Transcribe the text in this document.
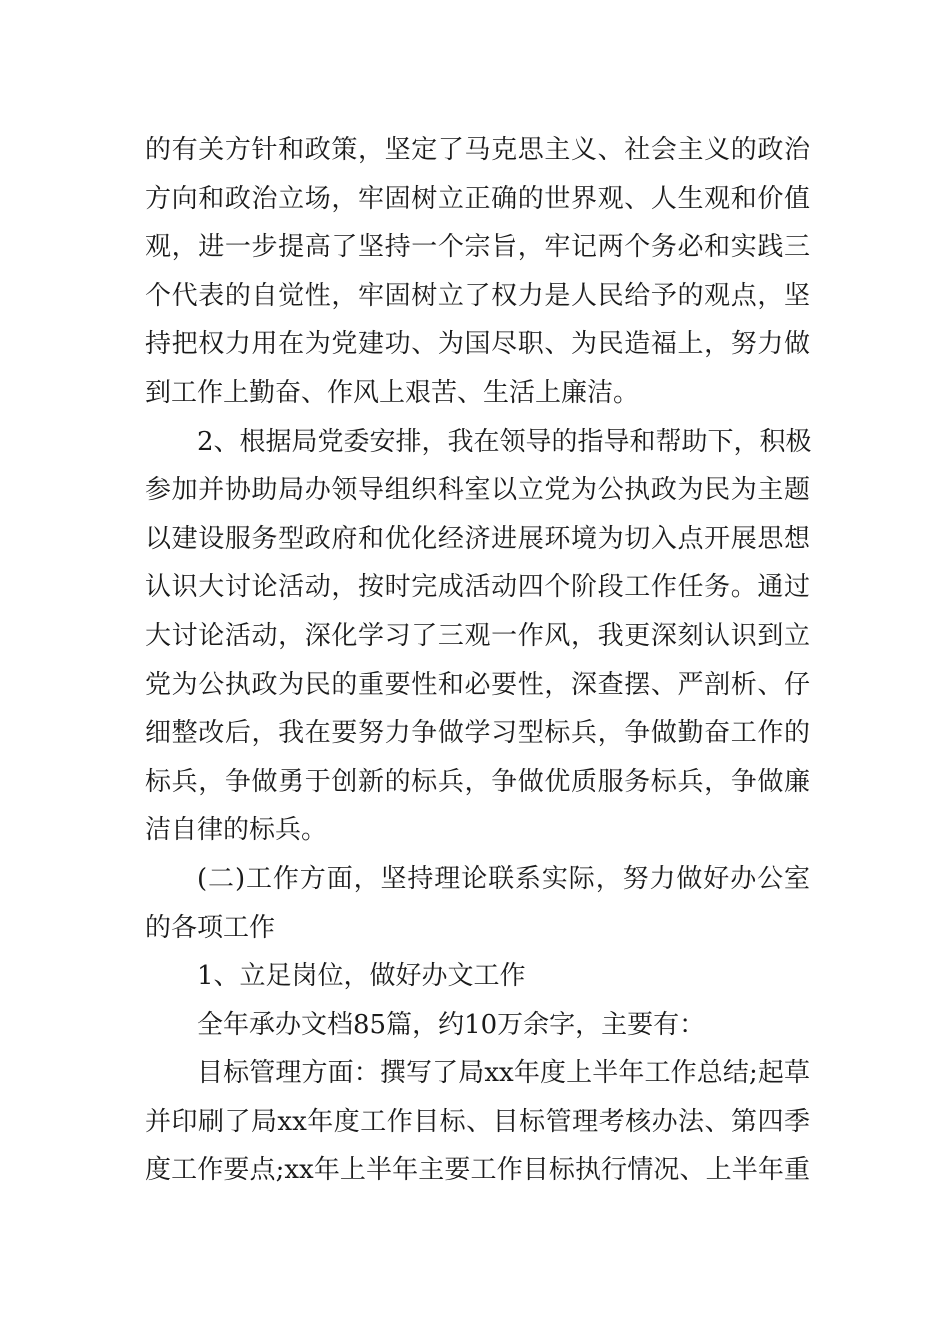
的有关方针和政策，坚定了马克思主义、社会主义的政治
方向和政治立场，牢固树立正确的世界观、人生观和价值
观，进一步提高了坚持一个宗旨，牢记两个务必和实践三
个代表的自觉性，牢固树立了权力是人民给予的观点，坚
持把权力用在为党建功、为国尽职、为民造福上，努力做
到工作上勤奋、作风上艰苦、生活上廉洁。
2、根据局党委安排，我在领导的指导和帮助下，积极
参加并协助局办领导组织科室以立党为公执政为民为主题
以建设服务型政府和优化经济进展环境为切入点开展思想
认识大讨论活动，按时完成活动四个阶段工作任务。通过
大讨论活动，深化学习了三观一作风，我更深刻认识到立
党为公执政为民的重要性和必要性，深查摆、严剖析、仔
细整改后，我在要努力争做学习型标兵，争做勤奋工作的
标兵，争做勇于创新的标兵，争做优质服务标兵，争做廉
洁自律的标兵。
(二)工作方面，坚持理论联系实际，努力做好办公室
的各项工作
1、立足岗位，做好办文工作
全年承办文档85篇，约10万余字，主要有：
目标管理方面：撰写了局xx年度上半年工作总结;起草
并印刷了局xx年度工作目标、目标管理考核办法、第四季
度工作要点;xx年上半年主要工作目标执行情况、上半年重
